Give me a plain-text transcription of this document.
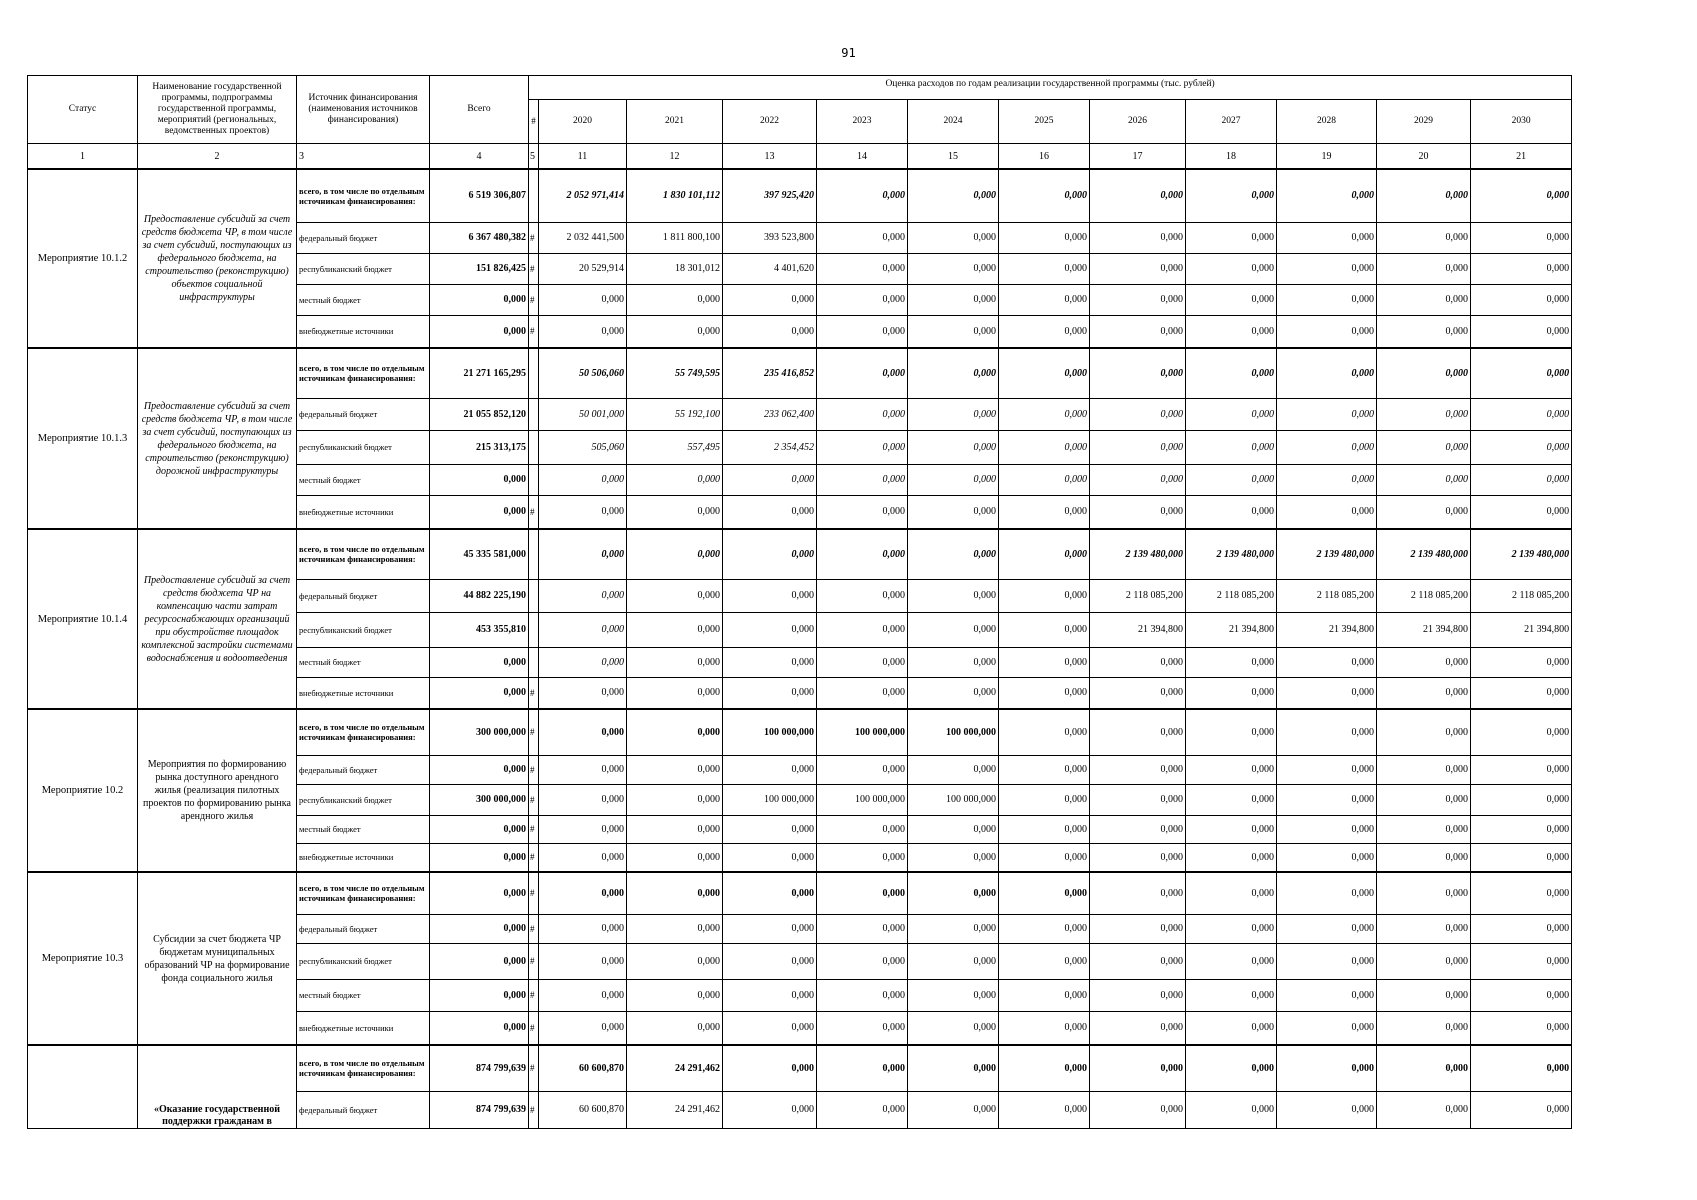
91
Статус	Наименование государственной программы, подпрограммы государственной программы, мероприятий (региональных, ведомственных проектов)	Источник финансирования (наименования источников финансирования)	Всего	Оценка расходов по годам реализации государственной программы (тыс. рублей)											
				#	2020	2021	2022	2023	2024	2025	2026	2027	2028	2029	2030
1	2	3	4	5	11	12	13	14	15	16	17	18	19	20	21
Мероприятие 10.1.2	Предоставление субсидий за счет средств бюджета ЧР, в том числе за счет субсидий, поступающих из федерального бюджета, на строительство (реконструкцию) объектов социальной инфраструктуры	всего, в том числе по отдельным источникам финансирования:	6 519 306,807		2 052 971,414	1 830 101,112	397 925,420	0,000	0,000	0,000	0,000	0,000	0,000	0,000	0,000
		федеральный бюджет	6 367 480,382	#	2 032 441,500	1 811 800,100	393 523,800	0,000	0,000	0,000	0,000	0,000	0,000	0,000	0,000
		республиканский бюджет	151 826,425	#	20 529,914	18 301,012	4 401,620	0,000	0,000	0,000	0,000	0,000	0,000	0,000	0,000
		местный бюджет	0,000	#	0,000	0,000	0,000	0,000	0,000	0,000	0,000	0,000	0,000	0,000	0,000
		внебюджетные источники	0,000	#	0,000	0,000	0,000	0,000	0,000	0,000	0,000	0,000	0,000	0,000	0,000
Мероприятие 10.1.3	Предоставление субсидий за счет средств бюджета ЧР, в том числе за счет субсидий, поступающих из федерального бюджета, на строительство (реконструкцию) дорожной инфраструктуры	всего, в том числе по отдельным источникам финансирования:	21 271 165,295		50 506,060	55 749,595	235 416,852	0,000	0,000	0,000	0,000	0,000	0,000	0,000	0,000
		федеральный бюджет	21 055 852,120		50 001,000	55 192,100	233 062,400	0,000	0,000	0,000	0,000	0,000	0,000	0,000	0,000
		республиканский бюджет	215 313,175		505,060	557,495	2 354,452	0,000	0,000	0,000	0,000	0,000	0,000	0,000	0,000
		местный бюджет	0,000		0,000	0,000	0,000	0,000	0,000	0,000	0,000	0,000	0,000	0,000	0,000
		внебюджетные источники	0,000	#	0,000	0,000	0,000	0,000	0,000	0,000	0,000	0,000	0,000	0,000	0,000
Мероприятие 10.1.4	Предоставление субсидий за счет средств бюджета ЧР на компенсацию части затрат ресурсоснабжающих организаций при обустройстве площадок комплексной застройки системами водоснабжения и водоотведения	всего, в том числе по отдельным источникам финансирования:	45 335 581,000		0,000	0,000	0,000	0,000	0,000	0,000	2 139 480,000	2 139 480,000	2 139 480,000	2 139 480,000	2 139 480,000
		федеральный бюджет	44 882 225,190		0,000	0,000	0,000	0,000	0,000	0,000	2 118 085,200	2 118 085,200	2 118 085,200	2 118 085,200	2 118 085,200
		республиканский бюджет	453 355,810		0,000	0,000	0,000	0,000	0,000	0,000	21 394,800	21 394,800	21 394,800	21 394,800	21 394,800
		местный бюджет	0,000		0,000	0,000	0,000	0,000	0,000	0,000	0,000	0,000	0,000	0,000	0,000
		внебюджетные источники	0,000	#	0,000	0,000	0,000	0,000	0,000	0,000	0,000	0,000	0,000	0,000	0,000
Мероприятие 10.2	Мероприятия по формированию рынка доступного арендного жилья (реализация пилотных проектов по формированию рынка арендного жилья	всего, в том числе по отдельным источникам финансирования:	300 000,000	#	0,000	0,000	100 000,000	100 000,000	100 000,000	0,000	0,000	0,000	0,000	0,000	0,000
		федеральный бюджет	0,000	#	0,000	0,000	0,000	0,000	0,000	0,000	0,000	0,000	0,000	0,000	0,000
		республиканский бюджет	300 000,000	#	0,000	0,000	100 000,000	100 000,000	100 000,000	0,000	0,000	0,000	0,000	0,000	0,000
		местный бюджет	0,000	#	0,000	0,000	0,000	0,000	0,000	0,000	0,000	0,000	0,000	0,000	0,000
		внебюджетные источники	0,000	#	0,000	0,000	0,000	0,000	0,000	0,000	0,000	0,000	0,000	0,000	0,000
Мероприятие 10.3	Субсидии за счет бюджета ЧР бюджетам муниципальных образований ЧР на формирование фонда социального жилья	всего, в том числе по отдельным источникам финансирования:	0,000	#	0,000	0,000	0,000	0,000	0,000	0,000	0,000	0,000	0,000	0,000	0,000
		федеральный бюджет	0,000	#	0,000	0,000	0,000	0,000	0,000	0,000	0,000	0,000	0,000	0,000	0,000
		республиканский бюджет	0,000	#	0,000	0,000	0,000	0,000	0,000	0,000	0,000	0,000	0,000	0,000	0,000
		местный бюджет	0,000	#	0,000	0,000	0,000	0,000	0,000	0,000	0,000	0,000	0,000	0,000	0,000
		внебюджетные источники	0,000	#	0,000	0,000	0,000	0,000	0,000	0,000	0,000	0,000	0,000	0,000	0,000
	«Оказание государственной поддержки гражданам в	всего, в том числе по отдельным источникам финансирования:	874 799,639	#	60 600,870	24 291,462	0,000	0,000	0,000	0,000	0,000	0,000	0,000	0,000	0,000
		федеральный бюджет	874 799,639	#	60 600,870	24 291,462	0,000	0,000	0,000	0,000	0,000	0,000	0,000	0,000	0,000
